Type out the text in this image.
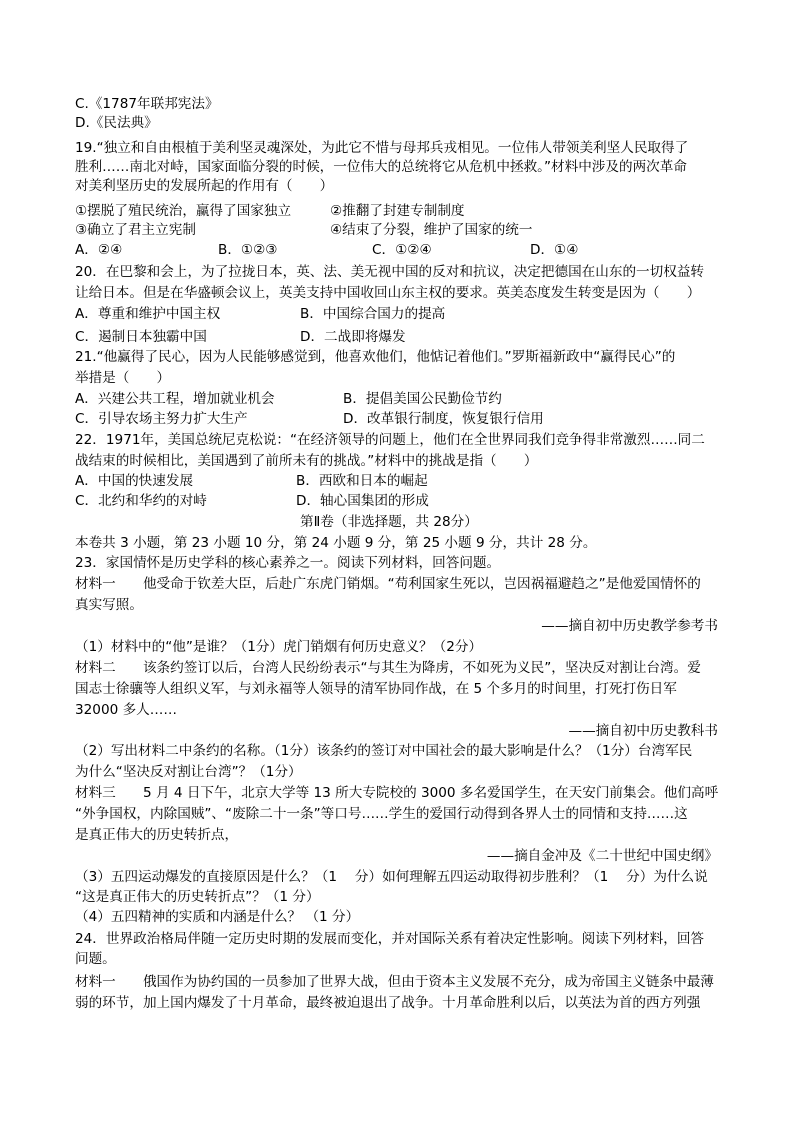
C.《1787年联邦宪法》
D.《民法典》
19.“独立和自由根植于美利坚灵魂深处，为此它不惜与母邦兵戎相见。一位伟人带领美利坚人民取得了
胜利……南北对峙，国家面临分裂的时候，一位伟大的总统将它从危机中拯救。”材料中涉及的两次革命
对美利坚历史的发展所起的作用有（　　）
①摆脱了殖民统治，赢得了国家独立	②推翻了封建专制制度
③确立了君主立宪制	④结束了分裂，维护了国家的统一
A．②④	B．①②③	C．①②④	D．①④
20．在巴黎和会上，为了拉拢日本，英、法、美无视中国的反对和抗议，决定把德国在山东的一切权益转
让给日本。但是在华盛顿会议上，英美支持中国收回山东主权的要求。英美态度发生转变是因为（　　）
A．尊重和维护中国主权	B．中国综合国力的提高
C．遏制日本独霸中国	D．二战即将爆发
21.“他赢得了民心，因为人民能够感觉到，他喜欢他们，他惦记着他们。”罗斯福新政中“赢得民心”的
举措是（　　）
A．兴建公共工程，增加就业机会	B．提倡美国公民勤俭节约
C．引导农场主努力扩大生产	D．改革银行制度，恢复银行信用
22．1971年，美国总统尼克松说：“在经济领导的问题上，他们在全世界同我们竞争得非常激烈……同二
战结束的时候相比，美国遇到了前所未有的挑战。”材料中的挑战是指（　　）
A．中国的快速发展	B．西欧和日本的崛起
C．北约和华约的对峙	D．轴心国集团的形成
第Ⅱ卷（非选择题，共 28分）
本卷共 3 小题，第 23 小题 10 分，第 24 小题 9 分，第 25 小题 9 分，共计 28 分。
23．家国情怀是历史学科的核心素养之一。阅读下列材料，回答问题。
材料一　　他受命于钦差大臣，后赴广东虎门销烟。“苟利国家生死以，岂因祸福避趋之”是他爱国情怀的
真实写照。
——摘自初中历史教学参考书
（1）材料中的“他”是谁？（1分）虎门销烟有何历史意义？（2分）
材料二　　该条约签订以后，台湾人民纷纷表示“与其生为降虏，不如死为义民”，坚决反对割让台湾。爱
国志士徐骧等人组织义军，与刘永福等人领导的清军协同作战，在 5 个多月的时间里，打死打伤日军
32000 多人……
——摘自初中历史教科书
（2）写出材料二中条约的名称。（1分）该条约的签订对中国社会的最大影响是什么？（1分）台湾军民
为什么“坚决反对割让台湾”？（1分）
材料三　　5 月 4 日下午，北京大学等 13 所大专院校的 3000 多名爱国学生，在天安门前集会。他们高呼
“外争国权，内除国贼”、“废除二十一条”等口号……学生的爱国行动得到各界人士的同情和支持……这
是真正伟大的历史转折点，
——摘自金冲及《二十世纪中国史纲》
（3）五四运动爆发的直接原因是什么？（1　 分）如何理解五四运动取得初步胜利？（1　 分）为什么说
“这是真正伟大的历史转折点”？（1 分）
（4）五四精神的实质和内涵是什么？ （1 分）
24．世界政治格局伴随一定历史时期的发展而变化，并对国际关系有着决定性影响。阅读下列材料，回答
问题。
材料一　　俄国作为协约国的一员参加了世界大战，但由于资本主义发展不充分，成为帝国主义链条中最薄
弱的环节，加上国内爆发了十月革命，最终被迫退出了战争。十月革命胜利以后，以英法为首的西方列强
